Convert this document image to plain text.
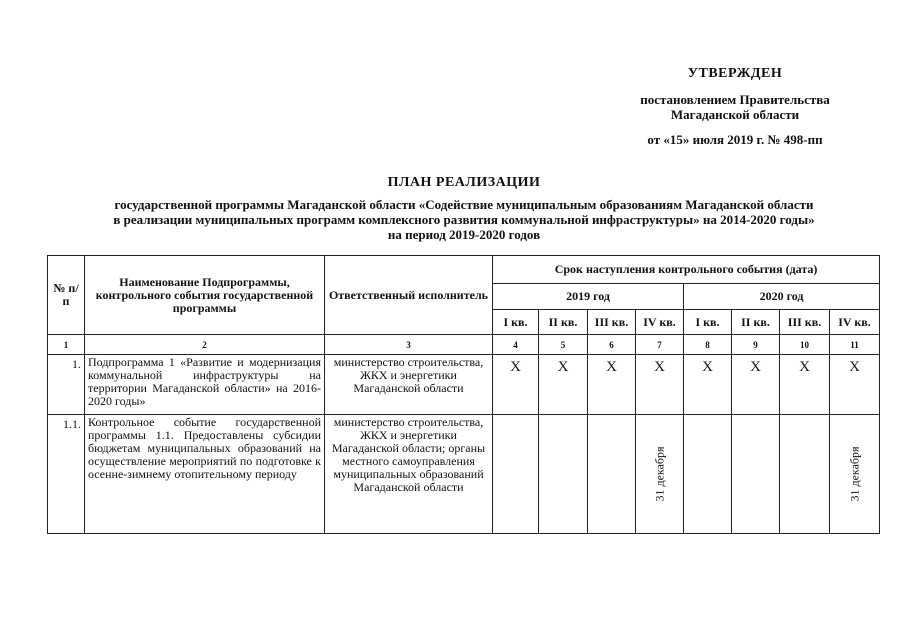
УТВЕРЖДЕН
постановлением Правительства
Магаданской области
от «15» июля 2019 г. № 498-пп
ПЛАН РЕАЛИЗАЦИИ
государственной программы Магаданской области «Содействие муниципальным образованиям Магаданской области
в реализации муниципальных программ комплексного развития коммунальной инфраструктуры» на 2014-2020 годы»
на период 2019-2020 годов
№ п/п	Наименование Подпрограммы, контрольного события государственной программы	Ответственный исполнитель	Срок наступления контрольного события (дата)							
			2019 год				2020 год			
			I кв.	II кв.	III кв.	IV кв.	I кв.	II кв.	III кв.	IV кв.
1	2	3	4	5	6	7	8	9	10	11
1.	Подпрограмма 1 «Развитие и модернизация коммунальной инфраструктуры на территории Магаданской области» на 2016-2020 годы»	министерство строительства, ЖКХ и энергетики Магаданской области	Х	Х	Х	Х	Х	Х	Х	Х
1.1.	Контрольное событие государственной программы 1.1. Предоставлены субсидии бюджетам муниципальных образований на осуществление мероприятий по подготовке к осенне-зимнему отопительному периоду	министерство строительства, ЖКХ и энергетики Магаданской области; органы местного самоуправления муниципальных образований Магаданской области				31 декабря				31 декабря
